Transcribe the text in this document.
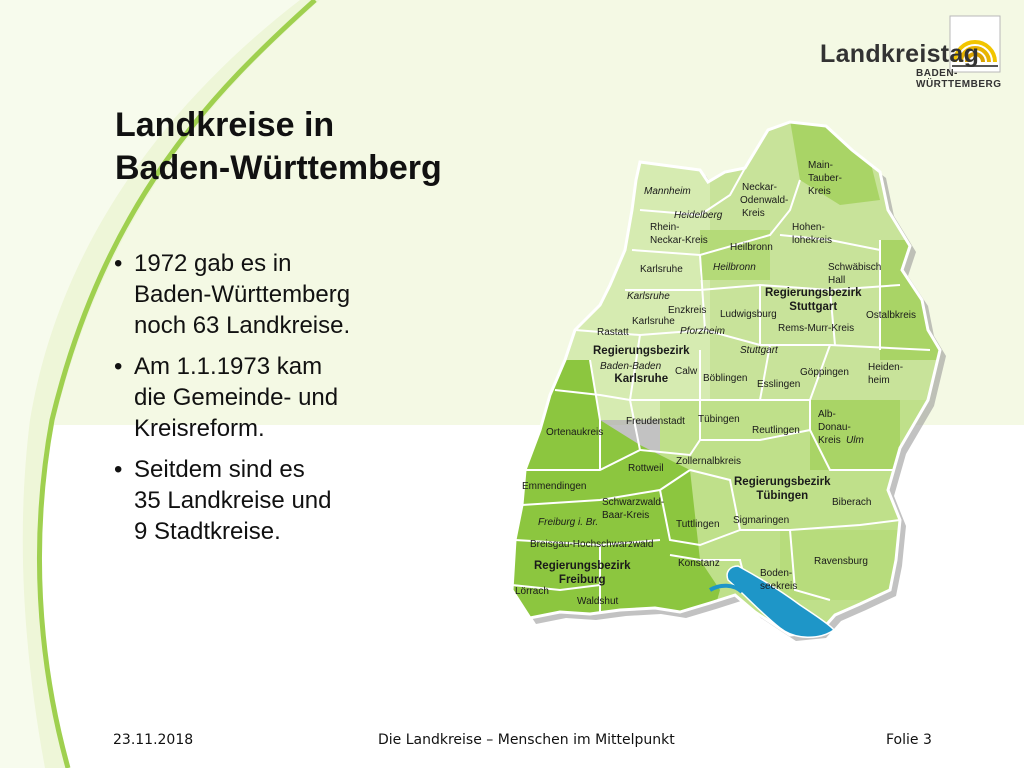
Landkreistag
BADEN-WÜRTTEMBERG
Landkreise in
Baden-Württemberg
• 1972 gab es in
Baden-Württemberg
noch 63 Landkreise.
• Am 1.1.1973 kam
die Gemeinde- und
Kreisreform.
• Seitdem sind es
35 Landkreise und
9 Stadtkreise.
Mannheim
Heidelberg
Rhein-
Neckar-Kreis
Neckar-
Odenwald-
Kreis
Main-
Tauber-
Kreis
Hohen-
lohekreis
Heilbronn
Heilbronn
Karlsruhe
Karlsruhe
Karlsruhe
Enzkreis
Pforzheim
Rastatt
Schwäbisch
Hall
Ostalbkreis
Ludwigsburg
Rems-Murr-Kreis
Stuttgart
Baden-Baden Calw
Böblingen
Esslingen
Göppingen Heiden-
heim
Ortenaukreis
Freudenstadt Tübingen
Reutlingen
Alb-
Donau-
Kreis Ulm
Rottweil
Zollernalbkreis
Emmendingen
Schwarzwald-
Baar-Kreis
Tuttlingen Sigmaringen
Biberach
Freiburg i. Br.
Breisgau-Hochschwarzwald
Konstanz
Boden-
seekreis
Ravensburg
Lörrach
Waldshut
Regierungsbezirk
Stuttgart
Regierungsbezirk
Karlsruhe
Regierungsbezirk
Tübingen
Regierungsbezirk
Freiburg
23.11.2018	Die Landkreise – Menschen im Mittelpunkt	Folie 3
